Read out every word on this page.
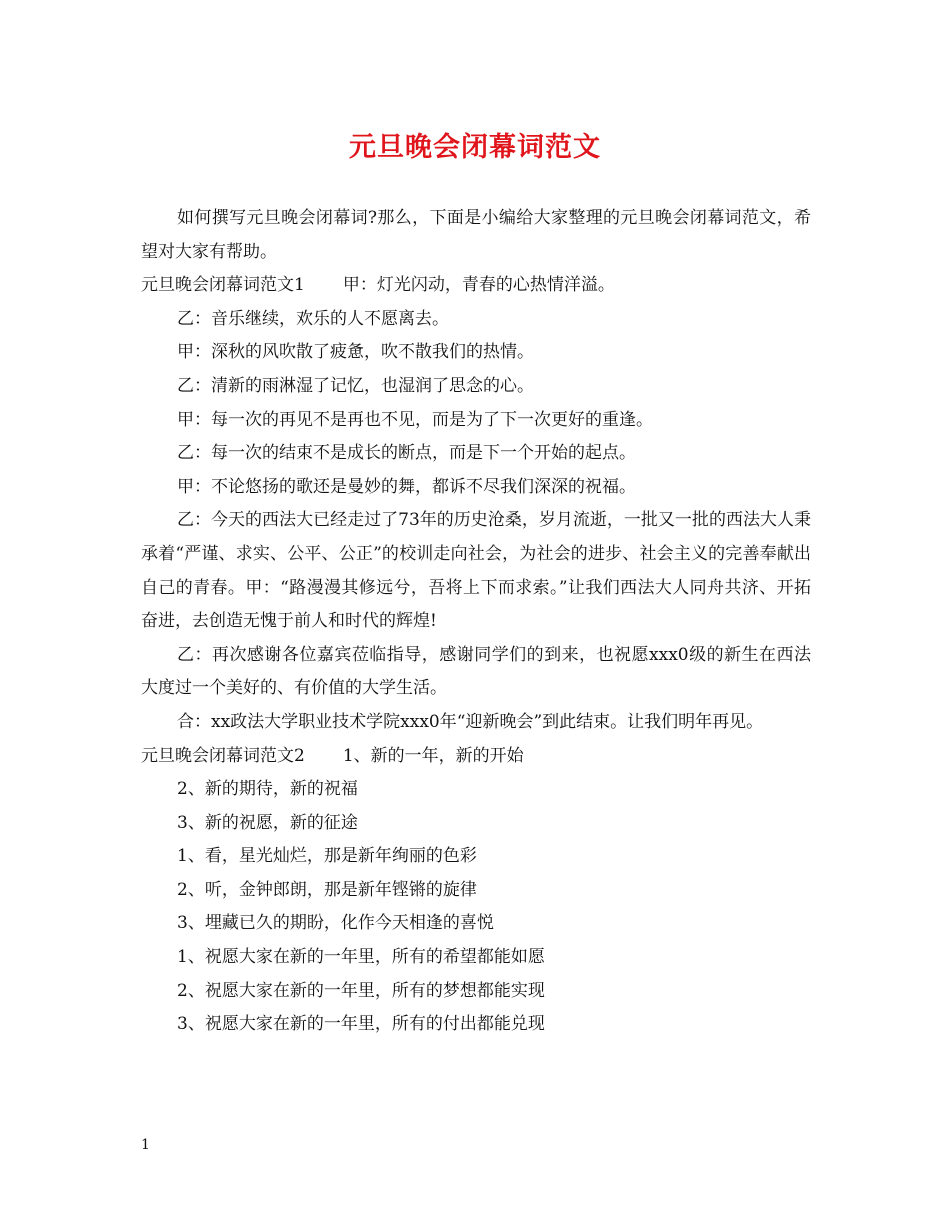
元旦晚会闭幕词范文

如何撰写元旦晚会闭幕词?那么，下面是小编给大家整理的元旦晚会闭幕词范文，希望对大家有帮助。

元旦晚会闭幕词范文1 甲：灯光闪动，青春的心热情洋溢。

乙：音乐继续，欢乐的人不愿离去。

甲：深秋的风吹散了疲惫，吹不散我们的热情。

乙：清新的雨淋湿了记忆，也湿润了思念的心。

甲：每一次的再见不是再也不见，而是为了下一次更好的重逢。

乙：每一次的结束不是成长的断点，而是下一个开始的起点。

甲：不论悠扬的歌还是曼妙的舞，都诉不尽我们深深的祝福。

乙：今天的西法大已经走过了73年的历史沧桑，岁月流逝，一批又一批的西法大人秉承着“严谨、求实、公平、公正”的校训走向社会，为社会的进步、社会主义的完善奉献出自己的青春。甲：“路漫漫其修远兮，吾将上下而求索。”让我们西法大人同舟共济、开拓奋进，去创造无愧于前人和时代的辉煌!

乙：再次感谢各位嘉宾莅临指导，感谢同学们的到来，也祝愿xxx0级的新生在西法大度过一个美好的、有价值的大学生活。

合：xx政法大学职业技术学院xxx0年“迎新晚会”到此结束。让我们明年再见。

元旦晚会闭幕词范文2 1、新的一年，新的开始

2、新的期待，新的祝福

3、新的祝愿，新的征途

1、看，星光灿烂，那是新年绚丽的色彩

2、听，金钟郎朗，那是新年铿锵的旋律

3、埋藏已久的期盼，化作今天相逢的喜悦

1、祝愿大家在新的一年里，所有的希望都能如愿

2、祝愿大家在新的一年里，所有的梦想都能实现

3、祝愿大家在新的一年里，所有的付出都能兑现

1
